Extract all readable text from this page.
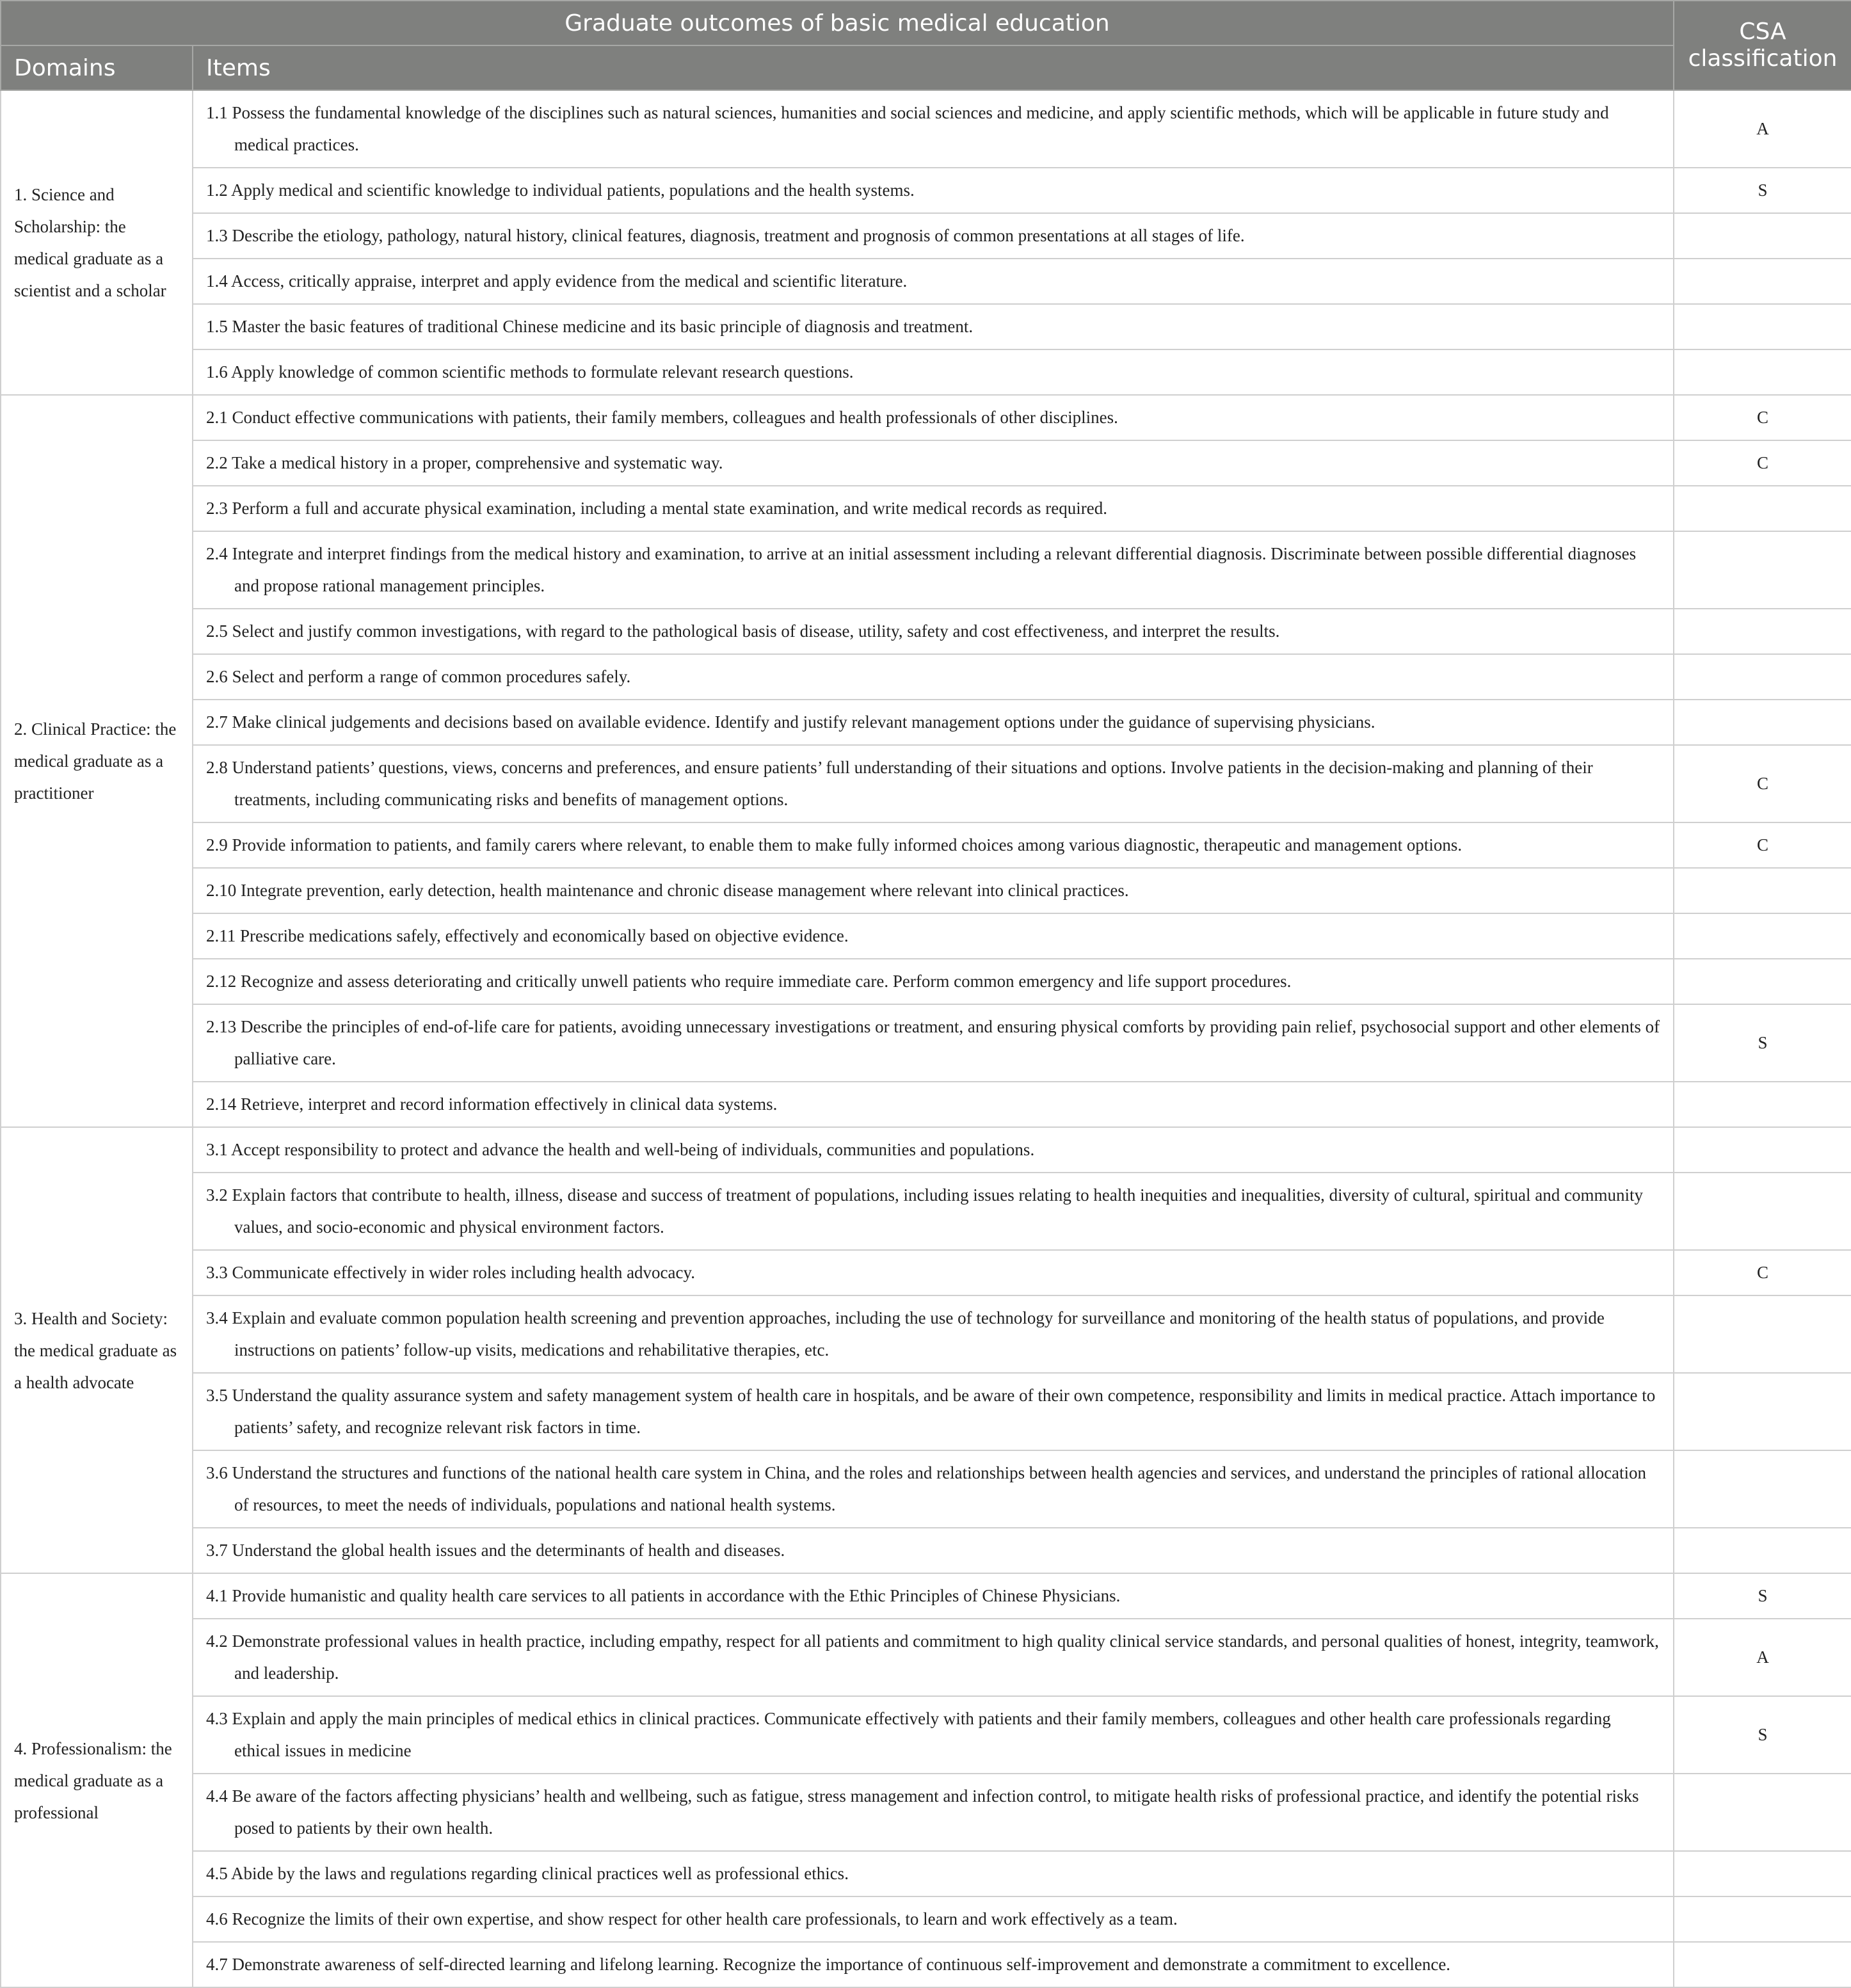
Graduate outcomes of basic medical education		CSA classification
Domains	Items	
1. Science and Scholarship: the medical graduate as a scientist and a scholar	1.1 Possess the fundamental knowledge of the disciplines such as natural sciences, humanities and social sciences and medicine, and apply scientific methods, which will be applicable in future study and medical practices.	A

	1.2 Apply medical and scientific knowledge to individual patients, populations and the health systems.	S

	1.3 Describe the etiology, pathology, natural history, clinical features, diagnosis, treatment and prognosis of common presentations at all stages of life.	

	1.4 Access, critically appraise, interpret and apply evidence from the medical and scientific literature.	

	1.5 Master the basic features of traditional Chinese medicine and its basic principle of diagnosis and treatment.	

	1.6 Apply knowledge of common scientific methods to formulate relevant research questions.	

2. Clinical Practice: the medical graduate as a practitioner	2.1 Conduct effective communications with patients, their family members, colleagues and health professionals of other disciplines.	C

	2.2 Take a medical history in a proper, comprehensive and systematic way.	C

	2.3 Perform a full and accurate physical examination, including a mental state examination, and write medical records as required.	

	2.4 Integrate and interpret findings from the medical history and examination, to arrive at an initial assessment including a relevant differential diagnosis. Discriminate between possible differential diagnoses and propose rational management principles.	

	2.5 Select and justify common investigations, with regard to the pathological basis of disease, utility, safety and cost effectiveness, and interpret the results.	

	2.6 Select and perform a range of common procedures safely.	

	2.7 Make clinical judgements and decisions based on available evidence. Identify and justify relevant management options under the guidance of supervising physicians.	

	2.8 Understand patients’ questions, views, concerns and preferences, and ensure patients’ full understanding of their situations and options. Involve patients in the decision-making and planning of their treatments, including communicating risks and benefits of management options.	C

	2.9 Provide information to patients, and family carers where relevant, to enable them to make fully informed choices among various diagnostic, therapeutic and management options.	C

	2.10 Integrate prevention, early detection, health maintenance and chronic disease management where relevant into clinical practices.	

	2.11 Prescribe medications safely, effectively and economically based on objective evidence.	

	2.12 Recognize and assess deteriorating and critically unwell patients who require immediate care. Perform common emergency and life support procedures.	

	2.13 Describe the principles of end-of-life care for patients, avoiding unnecessary investigations or treatment, and ensuring physical comforts by providing pain relief, psychosocial support and other elements of palliative care.	S

	2.14 Retrieve, interpret and record information effectively in clinical data systems.	

3. Health and Society: the medical graduate as a health advocate	3.1 Accept responsibility to protect and advance the health and well-being of individuals, communities and populations.	

	3.2 Explain factors that contribute to health, illness, disease and success of treatment of populations, including issues relating to health inequities and inequalities, diversity of cultural, spiritual and community values, and socio-economic and physical environment factors.	

	3.3 Communicate effectively in wider roles including health advocacy.	C

	3.4 Explain and evaluate common population health screening and prevention approaches, including the use of technology for surveillance and monitoring of the health status of populations, and provide instructions on patients’ follow-up visits, medications and rehabilitative therapies, etc.	

	3.5 Understand the quality assurance system and safety management system of health care in hospitals, and be aware of their own competence, responsibility and limits in medical practice. Attach importance to patients’ safety, and recognize relevant risk factors in time.	

	3.6 Understand the structures and functions of the national health care system in China, and the roles and relationships between health agencies and services, and understand the principles of rational allocation of resources, to meet the needs of individuals, populations and national health systems.	

	3.7 Understand the global health issues and the determinants of health and diseases.	

4. Professionalism: the medical graduate as a professional	4.1 Provide humanistic and quality health care services to all patients in accordance with the Ethic Principles of Chinese Physicians.	S

	4.2 Demonstrate professional values in health practice, including empathy, respect for all patients and commitment to high quality clinical service standards, and personal qualities of honest, integrity, teamwork, and leadership.	A

	4.3 Explain and apply the main principles of medical ethics in clinical practices. Communicate effectively with patients and their family members, colleagues and other health care professionals regarding ethical issues in medicine	S

	4.4 Be aware of the factors affecting physicians’ health and wellbeing, such as fatigue, stress management and infection control, to mitigate health risks of professional practice, and identify the potential risks posed to patients by their own health.	

	4.5 Abide by the laws and regulations regarding clinical practices well as professional ethics.	

	4.6 Recognize the limits of their own expertise, and show respect for other health care professionals, to learn and work effectively as a team.	

	4.7 Demonstrate awareness of self-directed learning and lifelong learning. Recognize the importance of continuous self-improvement and demonstrate a commitment to excellence.	
